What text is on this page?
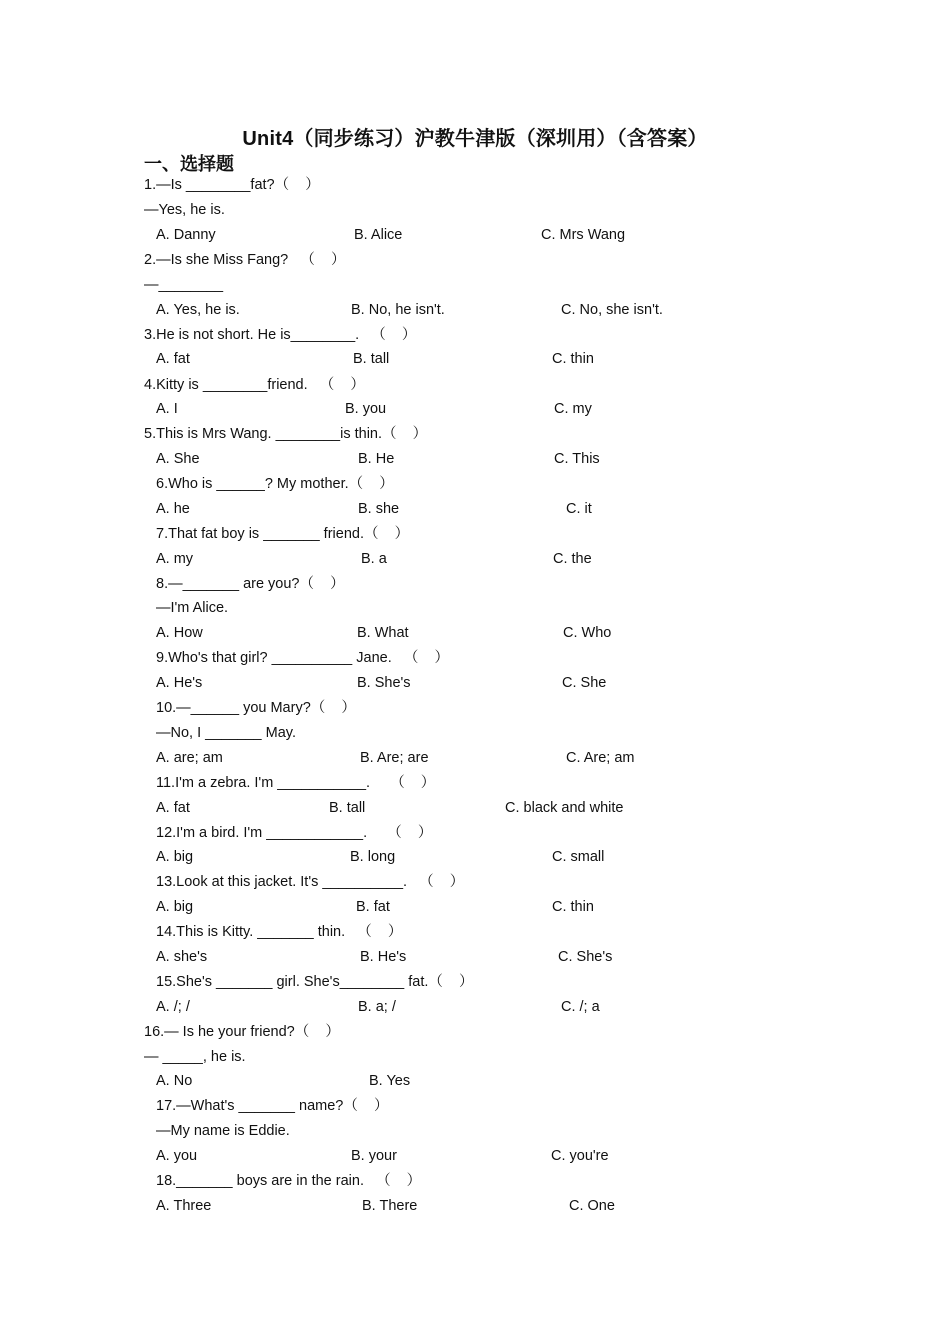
Unit4（同步练习）沪教牛津版（深圳用）（含答案）
一、选择题
1.—Is ________fat?（    ）
—Yes, he is.
A. Danny	B. Alice	C. Mrs Wang
2.—Is she Miss Fang?   （    ）
—________
A. Yes, he is.	B. No, he isn't.	C. No, she isn't.
3.He is not short. He is________.   （    ）
A. fat	B. tall	C. thin
4.Kitty is ________friend.   （    ）
A. I	B. you	C. my
5.This is Mrs Wang. ________is thin.（    ）
A. She	B. He	C. This
6.Who is ______? My mother.（    ）
A. he	B. she	C. it
7.That fat boy is _______ friend.（    ）
A. my	B. a	C. the
8.—_______ are you?（    ）
—I'm Alice.
A. How	B. What	C. Who
9.Who's that girl? __________ Jane.   （    ）
A. He's	B. She's	C. She
10.—______ you Mary?（    ）
—No, I _______ May.
A. are; am	B. Are; are	C. Are; am
11.I'm a zebra. I'm ___________.     （    ）
A. fat	B. tall	C. black and white
12.I'm a bird. I'm ____________.     （    ）
A. big	B. long	C. small
13.Look at this jacket. It's __________.   （    ）
A. big	B. fat	C. thin
14.This is Kitty. _______ thin.   （    ）
A. she's	B. He's	C. She's
15.She's _______ girl. She's________ fat.（    ）
A. /; /	B. a; /	C. /; a
16.— Is he your friend?（    ）
— _____, he is.
A. No	B. Yes
17.—What's _______ name?（    ）
—My name is Eddie.
A. you	B. your	C. you're
18._______ boys are in the rain.   （    ）
A. Three	B. There	C. One
